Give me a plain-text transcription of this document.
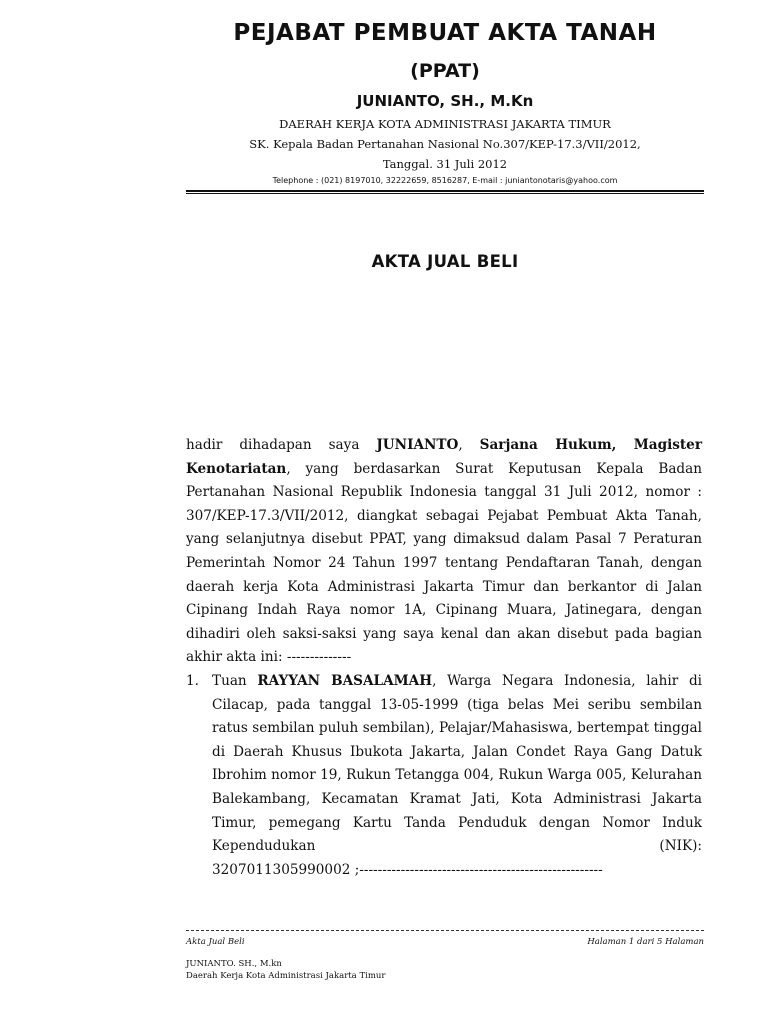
PEJABAT PEMBUAT AKTA TANAH
(PPAT)
JUNIANTO, SH., M.Kn
DAERAH KERJA KOTA ADMINISTRASI JAKARTA TIMUR
SK. Kepala Badan Pertanahan Nasional No.307/KEP-17.3/VII/2012,
Tanggal. 31 Juli 2012
Telephone : (021) 8197010, 32222659, 8516287, E-mail : juniantonotaris@yahoo.com
AKTA JUAL BELI

hadir dihadapan saya JUNIANTO, Sarjana Hukum, Magister Kenotariatan, yang berdasarkan Surat Keputusan Kepala Badan Pertanahan Nasional Republik Indonesia tanggal 31 Juli 2012, nomor : 307/KEP-17.3/VII/2012, diangkat sebagai Pejabat Pembuat Akta Tanah, yang selanjutnya disebut PPAT, yang dimaksud dalam Pasal 7 Peraturan Pemerintah Nomor 24 Tahun 1997 tentang Pendaftaran Tanah, dengan daerah kerja Kota Administrasi Jakarta Timur dan berkantor di Jalan Cipinang Indah Raya nomor 1A, Cipinang Muara, Jatinegara, dengan dihadiri oleh saksi-saksi yang saya kenal dan akan disebut pada bagian akhir akta ini: --------------

1. Tuan RAYYAN BASALAMAH, Warga Negara Indonesia, lahir di Cilacap, pada tanggal 13-05-1999 (tiga belas Mei seribu sembilan ratus sembilan puluh sembilan), Pelajar/Mahasiswa, bertempat tinggal di Daerah Khusus Ibukota Jakarta, Jalan Condet Raya Gang Datuk Ibrohim nomor 19, Rukun Tetangga 004, Rukun Warga 005, Kelurahan Balekambang, Kecamatan Kramat Jati, Kota Administrasi Jakarta Timur, pemegang Kartu Tanda Penduduk dengan Nomor Induk Kependudukan (NIK): 3207011305990002 ;-----------------------------------------------------
Akta Jual Beli	Halaman 1 dari 5 Halaman
JUNIANTO. SH., M.kn
Daerah Kerja Kota Administrasi Jakarta Timur
